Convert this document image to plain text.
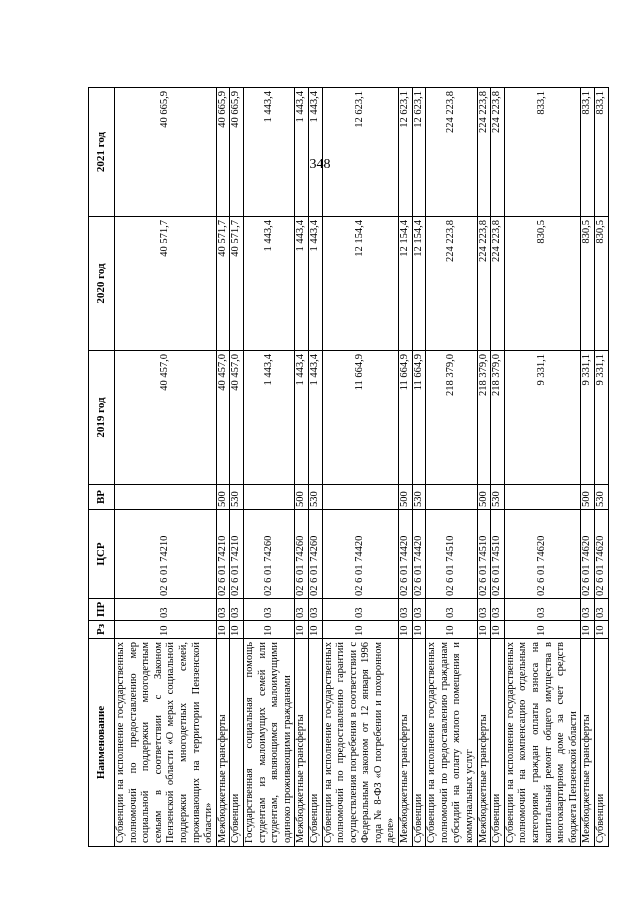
348
Наименование	Рз	ПР	ЦСР	ВР	2019 год	2020 год	2021 год
Субвенции на исполнение государственных полномочий по предоставлению мер социальной поддержки многодетным семьям в соответствии с Законом Пензенской области «О мерах социальной поддержки многодетных семей, проживающих на территории Пензенской области»	10	03	02 6 01 74210		40 457,0	40 571,7	40 665,9
Межбюджетные трансферты	10	03	02 6 01 74210	500	40 457,0	40 571,7	40 665,9
Субвенции	10	03	02 6 01 74210	530	40 457,0	40 571,7	40 665,9
Государственная социальная помощь студентам из малоимущих семей или студентам, являющимся малоимущими одиноко проживающими гражданами	10	03	02 6 01 74260		1 443,4	1 443,4	1 443,4
Межбюджетные трансферты	10	03	02 6 01 74260	500	1 443,4	1 443,4	1 443,4
Субвенции	10	03	02 6 01 74260	530	1 443,4	1 443,4	1 443,4
Субвенции на исполнение государственных полномочий по предоставлению гарантий осуществления погребения в соответствии с Федеральным законом от 12 января 1996 года № 8-ФЗ «О погребении и похоронном деле»	10	03	02 6 01 74420		11 664,9	12 154,4	12 623,1
Межбюджетные трансферты	10	03	02 6 01 74420	500	11 664,9	12 154,4	12 623,1
Субвенции	10	03	02 6 01 74420	530	11 664,9	12 154,4	12 623,1
Субвенции на исполнение государственных полномочий по предоставлению гражданам субсидий на оплату жилого помещения и коммунальных услуг	10	03	02 6 01 74510		218 379,0	224 223,8	224 223,8
Межбюджетные трансферты	10	03	02 6 01 74510	500	218 379,0	224 223,8	224 223,8
Субвенции	10	03	02 6 01 74510	530	218 379,0	224 223,8	224 223,8
Субвенции на исполнение государственных полномочий на компенсацию отдельным категориям граждан оплаты взноса на капитальный ремонт общего имущества в многоквартирном доме за счет средств бюджета Пензенской области	10	03	02 6 01 74620		9 331,1	830,5	833,1
Межбюджетные трансферты	10	03	02 6 01 74620	500	9 331,1	830,5	833,1
Субвенции	10	03	02 6 01 74620	530	9 331,1	830,5	833,1
